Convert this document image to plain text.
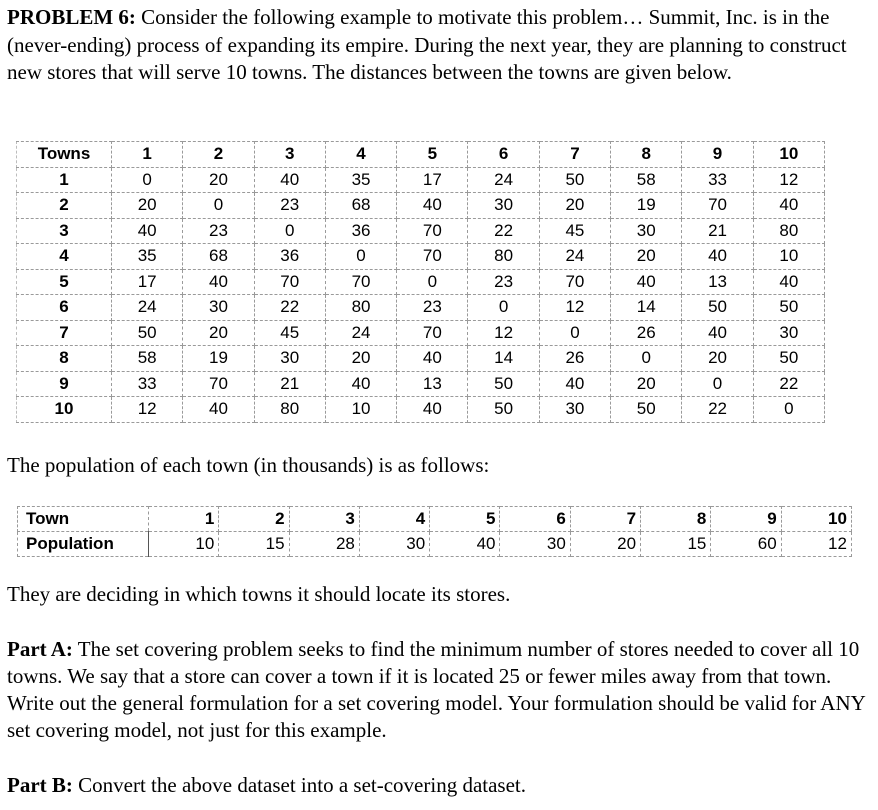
PROBLEM 6: Consider the following example to motivate this problem… Summit, Inc. is in the (never-ending) process of expanding its empire. During the next year, they are planning to construct new stores that will serve 10 towns. The distances between the towns are given below.

Towns	1	2	3	4	5	6	7	8	9	10
1	0	20	40	35	17	24	50	58	33	12
2	20	0	23	68	40	30	20	19	70	40
3	40	23	0	36	70	22	45	30	21	80
4	35	68	36	0	70	80	24	20	40	10
5	17	40	70	70	0	23	70	40	13	40
6	24	30	22	80	23	0	12	14	50	50
7	50	20	45	24	70	12	0	26	40	30
8	58	19	30	20	40	14	26	0	20	50
9	33	70	21	40	13	50	40	20	0	22
10	12	40	80	10	40	50	30	50	22	0

The population of each town (in thousands) is as follows:

Town	1	2	3	4	5	6	7	8	9	10
Population	10	15	28	30	40	30	20	15	60	12

They are deciding in which towns it should locate its stores.

Part A: The set covering problem seeks to find the minimum number of stores needed to cover all 10 towns. We say that a store can cover a town if it is located 25 or fewer miles away from that town. Write out the general formulation for a set covering model. Your formulation should be valid for ANY set covering model, not just for this example.

Part B: Convert the above dataset into a set-covering dataset.
